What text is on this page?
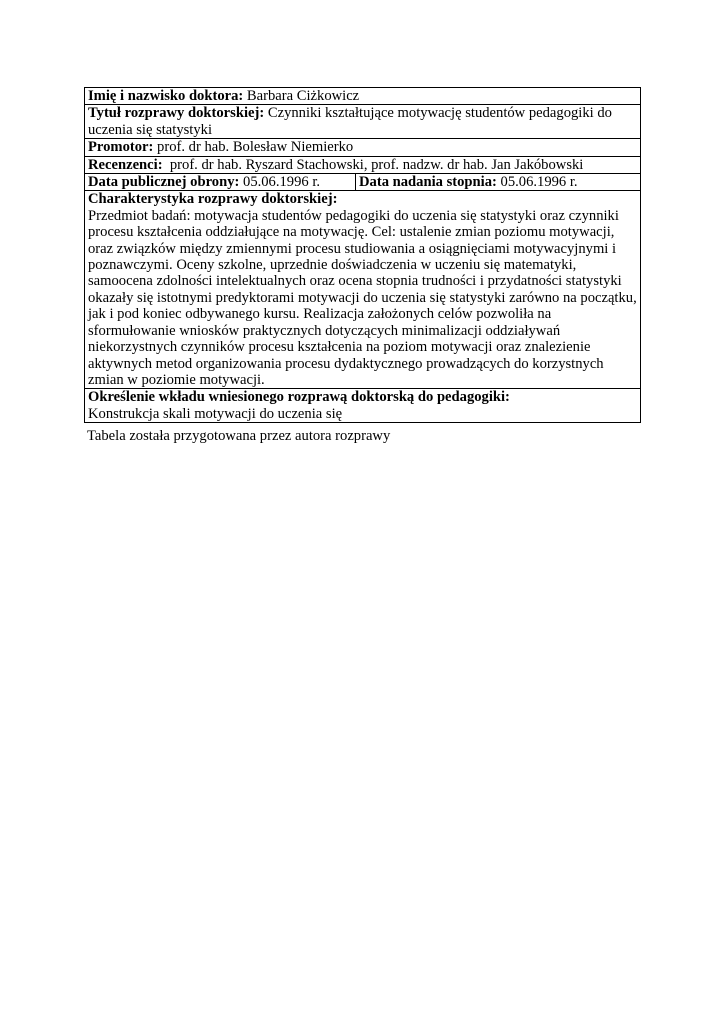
Imię i nazwisko doktora: Barbara Ciżkowicz
Tytuł rozprawy doktorskiej: Czynniki kształtujące motywację studentów pedagogiki do uczenia się statystyki
Promotor: prof. dr hab. Bolesław Niemierko
Recenzenci: prof. dr hab. Ryszard Stachowski, prof. nadzw. dr hab. Jan Jakóbowski
Data publicznej obrony: 05.06.1996 r.	Data nadania stopnia: 05.06.1996 r.
Charakterystyka rozprawy doktorskiej:
Przedmiot badań: motywacja studentów pedagogiki do uczenia się statystyki oraz czynniki procesu kształcenia oddziałujące na motywację. Cel: ustalenie zmian poziomu motywacji, oraz związków między zmiennymi procesu studiowania a osiągnięciami motywacyjnymi i poznawczymi. Oceny szkolne, uprzednie doświadczenia w uczeniu się matematyki, samoocena zdolności intelektualnych oraz ocena stopnia trudności i przydatności statystyki okazały się istotnymi predyktorami motywacji do uczenia się statystyki zarówno na początku, jak i pod koniec odbywanego kursu. Realizacja założonych celów pozwoliła na sformułowanie wniosków praktycznych dotyczących minimalizacji oddziaływań niekorzystnych czynników procesu kształcenia na poziom motywacji oraz znalezienie aktywnych metod organizowania procesu dydaktycznego prowadzących do korzystnych zmian w poziomie motywacji.
Określenie wkładu wniesionego rozprawą doktorską do pedagogiki:
Konstrukcja skali motywacji do uczenia się
Tabela została przygotowana przez autora rozprawy
